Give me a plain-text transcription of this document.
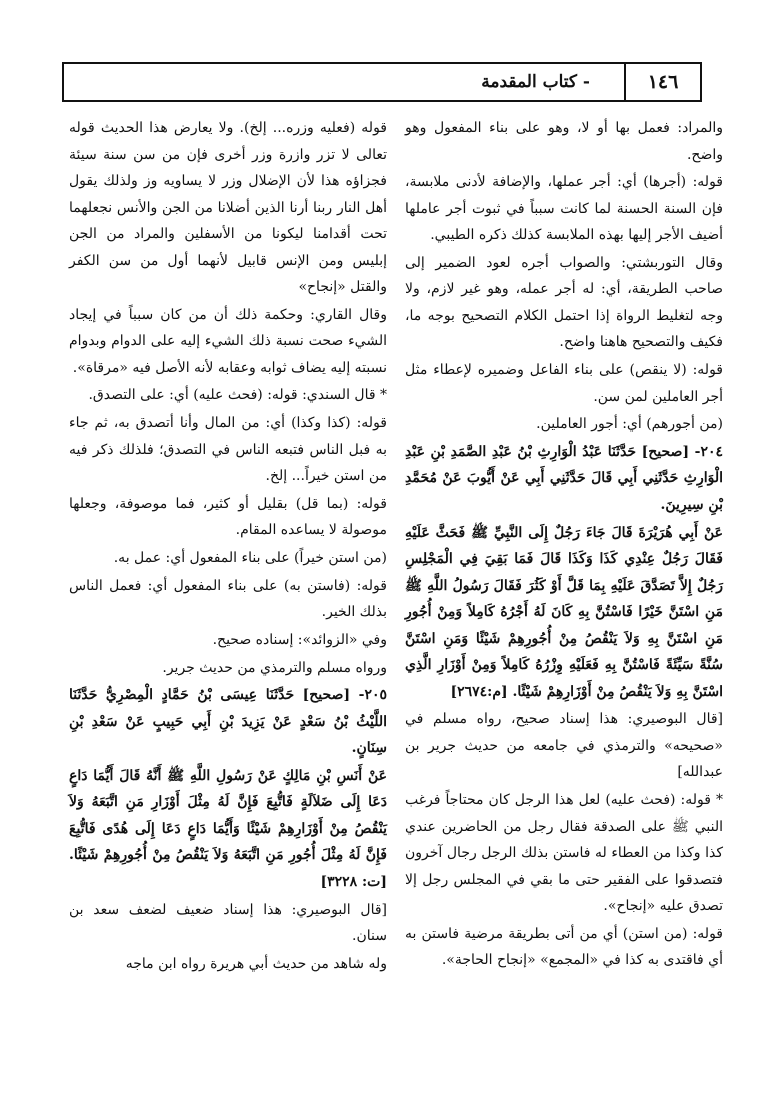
١٤٦
- كتاب المقدمة

والمراد: فعمل بها أو لا، وهو على بناء المفعول وهو واضح.

قوله: (أجرها) أي: أجر عملها، والإضافة لأدنى ملابسة، فإن السنة الحسنة لما كانت سبباً في ثبوت أجر عاملها أضيف الأجر إليها بهذه الملابسة كذلك ذكره الطيبي.

وقال التوربشتي: والصواب أجره لعود الضمير إلى صاحب الطريقة، أي: له أجر عمله، وهو غير لازم، ولا وجه لتغليط الرواة إذا احتمل الكلام التصحيح بوجه ما، فكيف والتصحيح هاهنا واضح.

قوله: (لا ينقص) على بناء الفاعل وضميره لإعطاء مثل أجر العاملين لمن سن.

(من أجورهم) أي: أجور العاملين.

٢٠٤- [صحيح] حَدَّثَنَا عَبْدُ الْوَارِثِ بْنُ عَبْدِ الصَّمَدِ بْنِ عَبْدِ الْوَارِثِ حَدَّثَنِي أَبِي قَالَ حَدَّثَنِي أَبِي عَنْ أَيُّوبَ عَنْ مُحَمَّدِ بْنِ سِيرِينَ.

عَنْ أَبِي هُرَيْرَةَ قَالَ جَاءَ رَجُلٌ إِلَى النَّبِيِّ ﷺ فَحَثَّ عَلَيْهِ فَقَالَ رَجُلٌ عِنْدِي كَذَا وَكَذَا قَالَ فَمَا بَقِيَ فِي الْمَجْلِسِ رَجُلٌ إِلاَّ تَصَدَّقَ عَلَيْهِ بِمَا قَلَّ أَوْ كَثُرَ فَقَالَ رَسُولُ اللَّهِ ﷺ مَنِ اسْتَنَّ خَيْرًا فَاسْتُنَّ بِهِ كَانَ لَهُ أَجْرُهُ كَامِلاً وَمِنْ أُجُورِ مَنِ اسْتَنَّ بِهِ وَلاَ يَنْقُصُ مِنْ أُجُورِهِمْ شَيْئًا وَمَنِ اسْتَنَّ سُنَّةً سَيِّئَةً فَاسْتُنَّ بِهِ فَعَلَيْهِ وِزْرُهُ كَامِلاً وَمِنْ أَوْزَارِ الَّذِي اسْتَنَّ بِهِ وَلاَ يَنْقُصُ مِنْ أَوْزَارِهِمْ شَيْئًا. [م:٢٦٧٤]

[قال البوصيري: هذا إسناد صحيح، رواه مسلم في «صحيحه» والترمذي في جامعه من حديث جرير بن عبدالله]

* قوله: (فحث عليه) لعل هذا الرجل كان محتاجاً فرغب النبي ﷺ على الصدقة فقال رجل من الحاضرين عندي كذا وكذا من العطاء له فاستن بذلك الرجل رجال آخرون فتصدقوا على الفقير حتى ما بقي في المجلس رجل إلا تصدق عليه «إنجاح».

قوله: (من استن) أي من أتى بطريقة مرضية فاستن به أي فاقتدى به كذا في «المجمع» «إنجاح الحاجة».

قوله (فعليه وزره... إلخ). ولا يعارض هذا الحديث قوله تعالى لا تزر وازرة وزر أخرى فإن من سن سنة سيئة فجزاؤه هذا لأن الإضلال وزر لا يساويه وز ولذلك يقول أهل النار ربنا أرنا الذين أضلانا من الجن والأنس نجعلهما تحت أقدامنا ليكونا من الأسفلين والمراد من الجن إبليس ومن الإنس قابيل لأنهما أول من سن الكفر والقتل «إنجاح»

وقال القاري: وحكمة ذلك أن من كان سبباً في إيجاد الشيء صحت نسبة ذلك الشيء إليه على الدوام وبدوام نسبته إليه يضاف ثوابه وعقابه لأنه الأصل فيه «مرقاة».

* قال السندي: قوله: (فحث عليه) أي: على التصدق.

قوله: (كذا وكذا) أي: من المال وأنا أتصدق به، ثم جاء به فبل الناس فتبعه الناس في التصدق؛ فلذلك ذكر فيه من استن خيراً... إلخ.

قوله: (بما قل) بقليل أو كثير، فما موصوفة، وجعلها موصولة لا يساعده المقام.

(من استن خيراً) على بناء المفعول أي: عمل به.

قوله: (فاستن به) على بناء المفعول أي: فعمل الناس بذلك الخير.

وفي «الزوائد»: إسناده صحيح.

ورواه مسلم والترمذي من حديث جرير.

٢٠٥- [صحيح] حَدَّثَنَا عِيسَى بْنُ حَمَّادٍ الْمِصْرِيُّ حَدَّثَنَا اللَّيْثُ بْنُ سَعْدٍ عَنْ يَزِيدَ بْنِ أَبِي حَبِيبٍ عَنْ سَعْدِ بْنِ سِنَانٍ.

عَنْ أَنَسِ بْنِ مَالِكٍ عَنْ رَسُولِ اللَّهِ ﷺ أَنَّهُ قَالَ أَيُّمَا دَاعٍ دَعَا إِلَى ضَلاَلَةٍ فَاتُّبِعَ فَإِنَّ لَهُ مِثْلَ أَوْزَارِ مَنِ اتَّبَعَهُ وَلاَ يَنْقُصُ مِنْ أَوْزَارِهِمْ شَيْئًا وَأَيُّمَا دَاعٍ دَعَا إِلَى هُدًى فَاتُّبِعَ فَإِنَّ لَهُ مِثْلَ أُجُورِ مَنِ اتَّبَعَهُ وَلاَ يَنْقُصُ مِنْ أُجُورِهِمْ شَيْئًا. [ت: ٣٢٢٨]

[قال البوصيري: هذا إسناد ضعيف لضعف سعد بن سنان.

وله شاهد من حديث أبي هريرة رواه ابن ماجه
